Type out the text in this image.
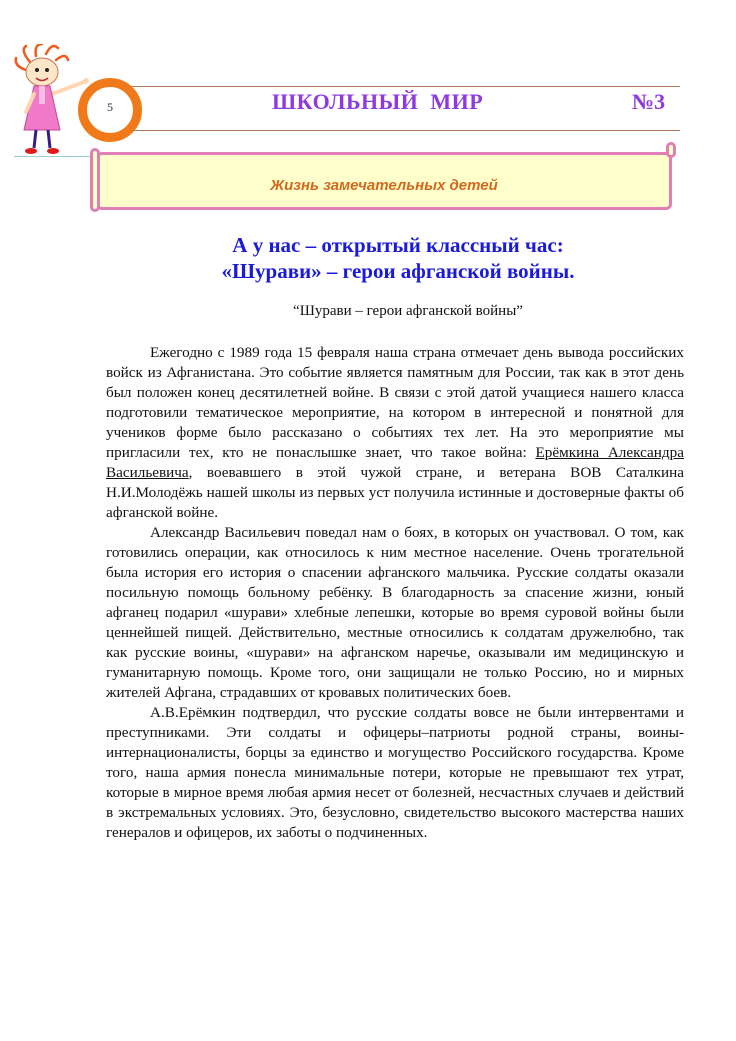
5	ШКОЛЬНЫЙ  МИР	№3
Жизнь замечательных детей
А у нас – открытый классный час:
«Шурави» – герои афганской войны.
“Шурави – герои афганской войны”

Ежегодно с 1989 года 15 февраля наша страна отмечает день вывода российских войск из Афганистана. Это событие является памятным для России, так как в этот день был положен конец десятилетней войне. В связи с этой датой учащиеся нашего класса подготовили тематическое мероприятие, на котором в интересной и понятной для учеников форме было рассказано о событиях тех лет. На это мероприятие мы пригласили тех, кто не понаслышке знает, что такое война: Ерёмкина Александра Васильевича, воевавшего в этой чужой стране, и ветерана ВОВ Саталкина Н.И.Молодёжь нашей школы из первых уст получила истинные и достоверные факты об афганской войне.

Александр Васильевич поведал нам о боях, в которых он участвовал. О том, как готовились операции, как относилось к ним местное население. Очень трогательной была история его история о спасении афганского мальчика. Русские солдаты оказали посильную помощь больному ребёнку. В благодарность за спасение жизни, юный афганец подарил «шурави» хлебные лепешки, которые во время суровой войны были ценнейшей пищей. Действительно, местные относились к солдатам дружелюбно, так как русские воины, «шурави» на афганском наречье, оказывали им медицинскую и гуманитарную помощь. Кроме того, они защищали не только Россию, но и мирных жителей Афгана, страдавших от кровавых политических боев.

А.В.Ерёмкин подтвердил, что русские солдаты вовсе не были интервентами и преступниками. Эти солдаты и офицеры–патриоты родной страны, воины-интернационалисты, борцы за единство и могущество Российского государства. Кроме того, наша армия понесла минимальные потери, которые не превышают тех утрат, которые в мирное время любая армия несет от болезней, несчастных случаев и действий в экстремальных условиях. Это, безусловно, свидетельство высокого мастерства наших генералов и офицеров, их заботы о подчиненных.
